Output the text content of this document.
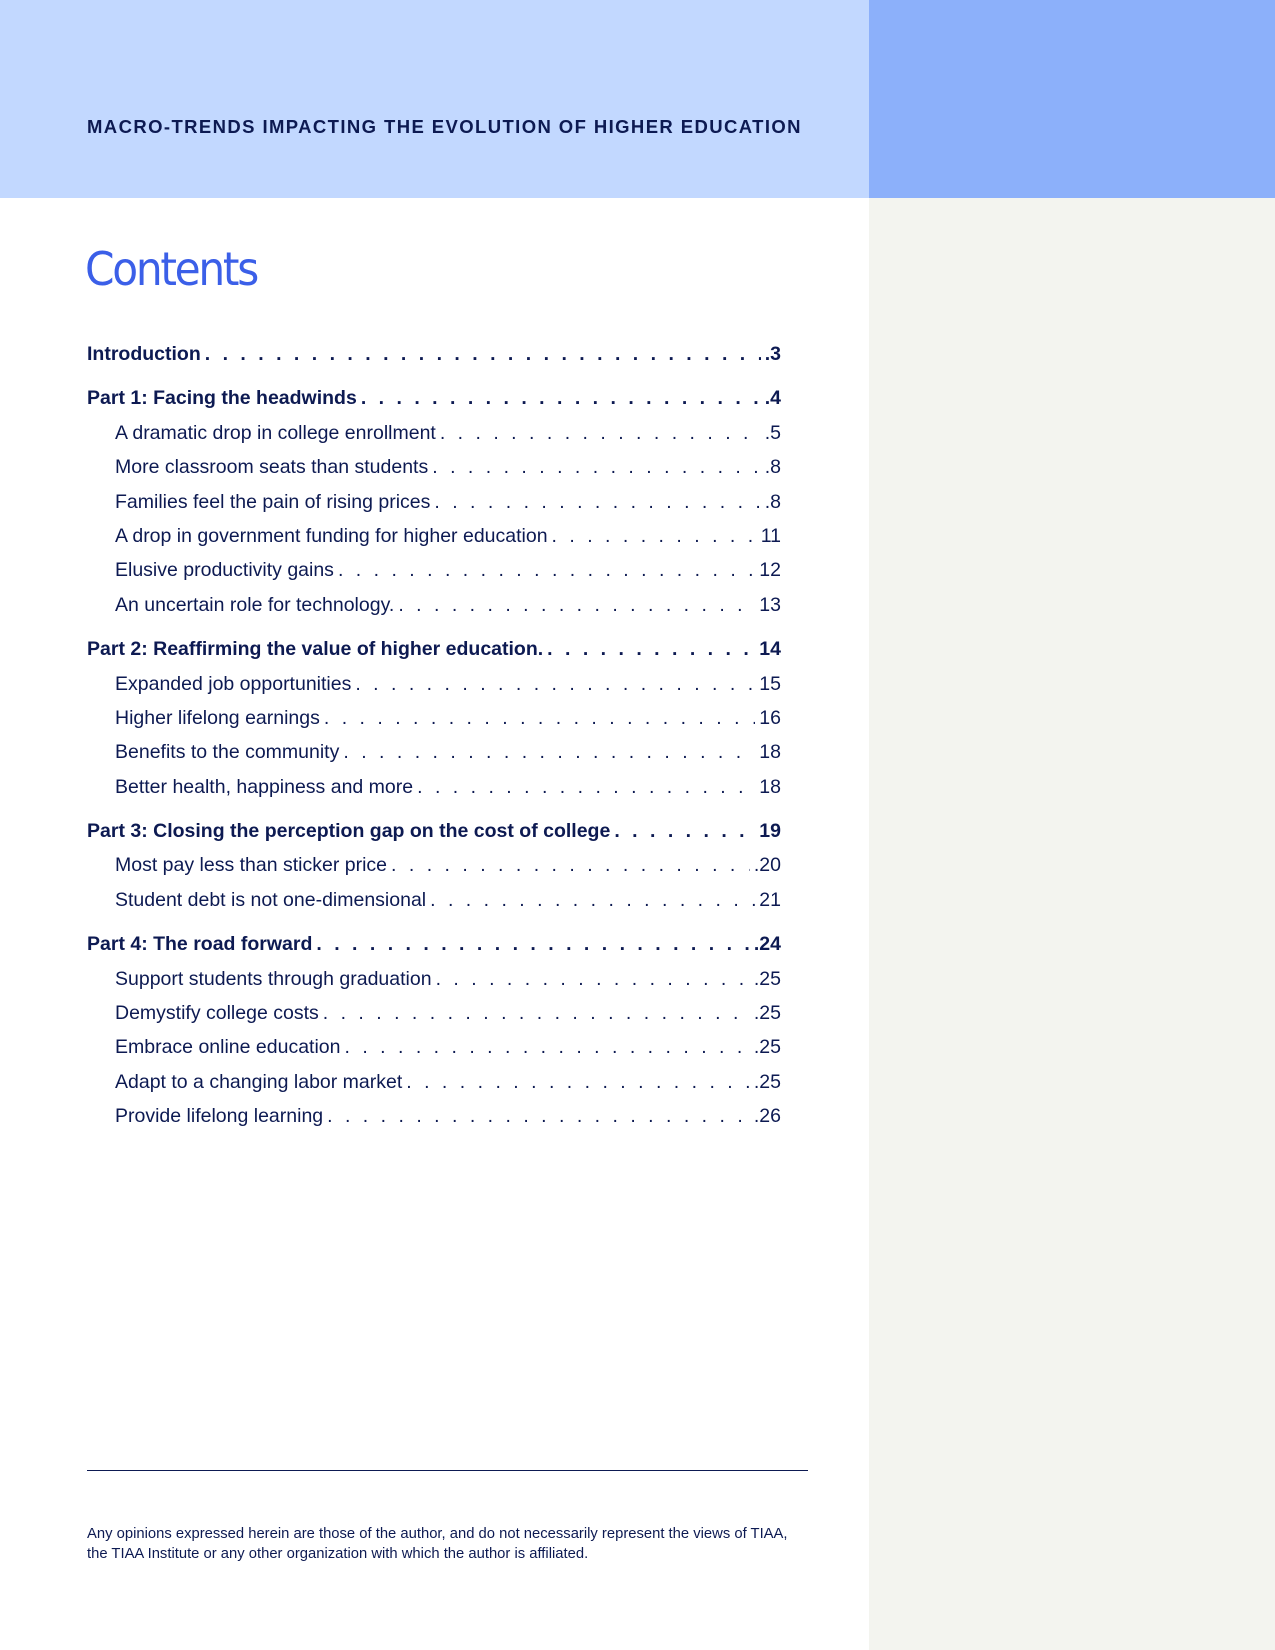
MACRO-TRENDS IMPACTING THE EVOLUTION OF HIGHER EDUCATION
Contents
Introduction . . .	.3
Part 1: Facing the headwinds . . .	.4
A dramatic drop in college enrollment . . .	.5
More classroom seats than students . . .	.8
Families feel the pain of rising prices . . .	.8
A drop in government funding for higher education . . .	11
Elusive productivity gains . . .	12
An uncertain role for technology. . . .	13
Part 2: Reaffirming the value of higher education. . . .	14
Expanded job opportunities . . .	15
Higher lifelong earnings . . .	16
Benefits to the community . . .	18
Better health, happiness and more . . .	18
Part 3: Closing the perception gap on the cost of college . . .	19
Most pay less than sticker price . . .	.20
Student debt is not one-dimensional . . .	21
Part 4: The road forward . . .	.24
Support students through graduation . . .	.25
Demystify college costs . . .	.25
Embrace online education . . .	.25
Adapt to a changing labor market . . .	.25
Provide lifelong learning . . .	.26
Any opinions expressed herein are those of the author, and do not necessarily represent the views of TIAA, the TIAA Institute or any other organization with which the author is affiliated.
